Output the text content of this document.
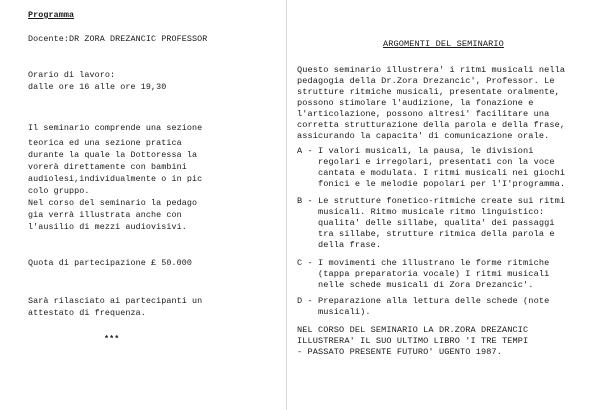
Programma
Docente:DR ZORA DREZANCIC PROFESSOR
Orario di lavoro:
dalle ore 16 alle ore 19,30
Il seminario comprende una sezione
teorica ed una sezione pratica
durante la quale la Dottoressa la
vorerà direttamente con bambini
audiolesi,individualmente o in pic
colo gruppo.
Nel corso del seminario la pedago
gia verrà illustrata anche con
l'ausilio di mezzi audiovisivi.
Quota di partecipazione £ 50.000
Sarà rilasciato ai partecipanti un
attestato di frequenza.
***
ARGOMENTI DEL SEMINARIO
Questo seminario illustrera' i ritmi musicali nella
pedagogia della Dr.Zora Drezancic', Professor. Le
strutture ritmiche musicali, presentate oralmente,
possono stimolare l'audizione, la fonazione e
l'articolazione, possono altresi' facilitare una
corretta strutturazione della parola e della frase,
assicurando la capacita' di comunicazione orale.
A - I valori musicali, la pausa, le divisioni
regolari e irregolari, presentati con la voce
cantata e modulata. I ritmi musicali nei giochi
fonici e le melodie popolari per l'I'programma.
B - Le strutture fonetico-ritmiche create sui ritmi
musicali. Ritmo musicale ritmo linguistico:
qualita' delle sillabe, qualita' dei passaggi
tra sillabe, strutture ritmica della parola e
della frase.
C - I movimenti che illustrano le forme ritmiche
(tappa preparatoria vocale) I ritmi musicali
nelle schede musicali di Zora Drezancic'.
D - Preparazione alla lettura delle schede (note
musicali).
NEL CORSO DEL SEMINARIO LA DR.ZORA DREZANCIC
ILLUSTRERA' IL SUO ULTIMO LIBRO 'I TRE TEMPI
- PASSATO PRESENTE FUTURO' UGENTO 1987.
